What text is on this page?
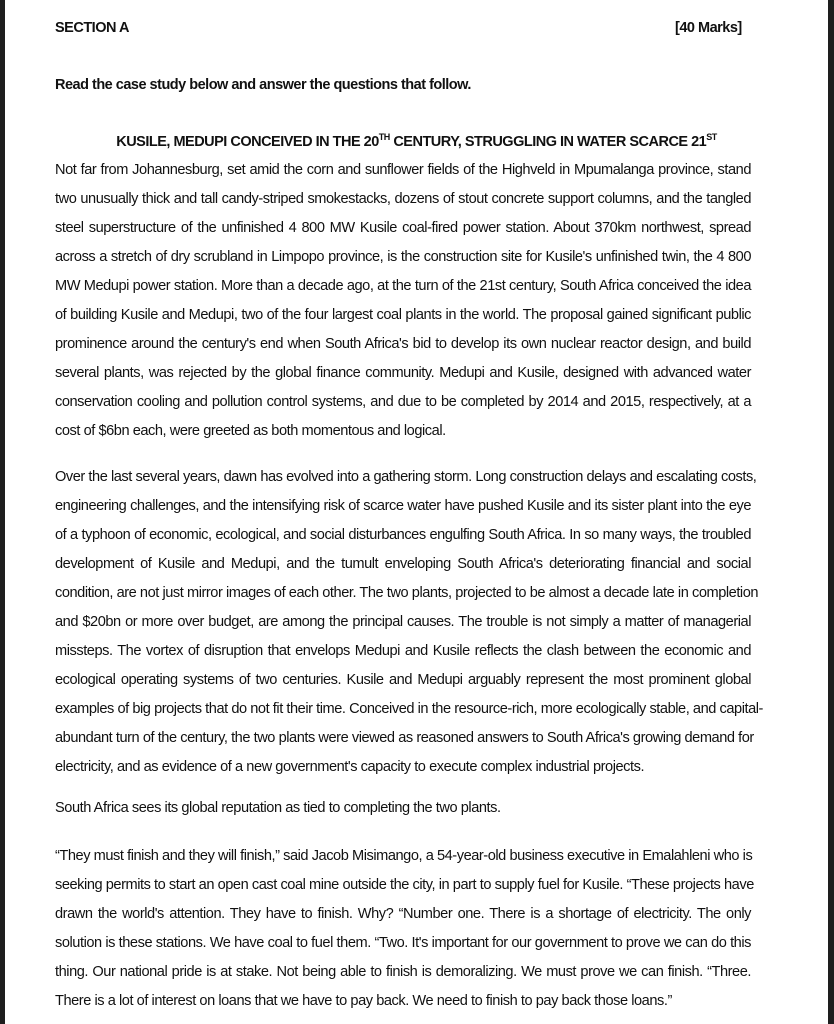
SECTION A	[40 Marks]
Read the case study below and answer the questions that follow.
KUSILE, MEDUPI CONCEIVED IN THE 20TH CENTURY, STRUGGLING IN WATER SCARCE 21ST
Not far from Johannesburg, set amid the corn and sunflower fields of the Highveld in Mpumalanga province, stand
two unusually thick and tall candy-striped smokestacks, dozens of stout concrete support columns, and the tangled
steel superstructure of the unfinished 4 800 MW Kusile coal-fired power station. About 370km northwest, spread
across a stretch of dry scrubland in Limpopo province, is the construction site for Kusile's unfinished twin, the 4 800
MW Medupi power station. More than a decade ago, at the turn of the 21st century, South Africa conceived the idea
of building Kusile and Medupi, two of the four largest coal plants in the world. The proposal gained significant public
prominence around the century's end when South Africa's bid to develop its own nuclear reactor design, and build
several plants, was rejected by the global finance community. Medupi and Kusile, designed with advanced water
conservation cooling and pollution control systems, and due to be completed by 2014 and 2015, respectively, at a
cost of $6bn each, were greeted as both momentous and logical.
Over the last several years, dawn has evolved into a gathering storm. Long construction delays and escalating costs,
engineering challenges, and the intensifying risk of scarce water have pushed Kusile and its sister plant into the eye
of a typhoon of economic, ecological, and social disturbances engulfing South Africa. In so many ways, the troubled
development of Kusile and Medupi, and the tumult enveloping South Africa's deteriorating financial and social
condition, are not just mirror images of each other. The two plants, projected to be almost a decade late in completion
and $20bn or more over budget, are among the principal causes. The trouble is not simply a matter of managerial
missteps. The vortex of disruption that envelops Medupi and Kusile reflects the clash between the economic and
ecological operating systems of two centuries. Kusile and Medupi arguably represent the most prominent global
examples of big projects that do not fit their time. Conceived in the resource-rich, more ecologically stable, and capital-
abundant turn of the century, the two plants were viewed as reasoned answers to South Africa's growing demand for
electricity, and as evidence of a new government's capacity to execute complex industrial projects.
South Africa sees its global reputation as tied to completing the two plants.
“They must finish and they will finish,” said Jacob Misimango, a 54-year-old business executive in Emalahleni who is
seeking permits to start an open cast coal mine outside the city, in part to supply fuel for Kusile. “These projects have
drawn the world's attention. They have to finish. Why? “Number one. There is a shortage of electricity. The only
solution is these stations. We have coal to fuel them. “Two. It's important for our government to prove we can do this
thing. Our national pride is at stake. Not being able to finish is demoralizing. We must prove we can finish. “Three.
There is a lot of interest on loans that we have to pay back. We need to finish to pay back those loans.”
